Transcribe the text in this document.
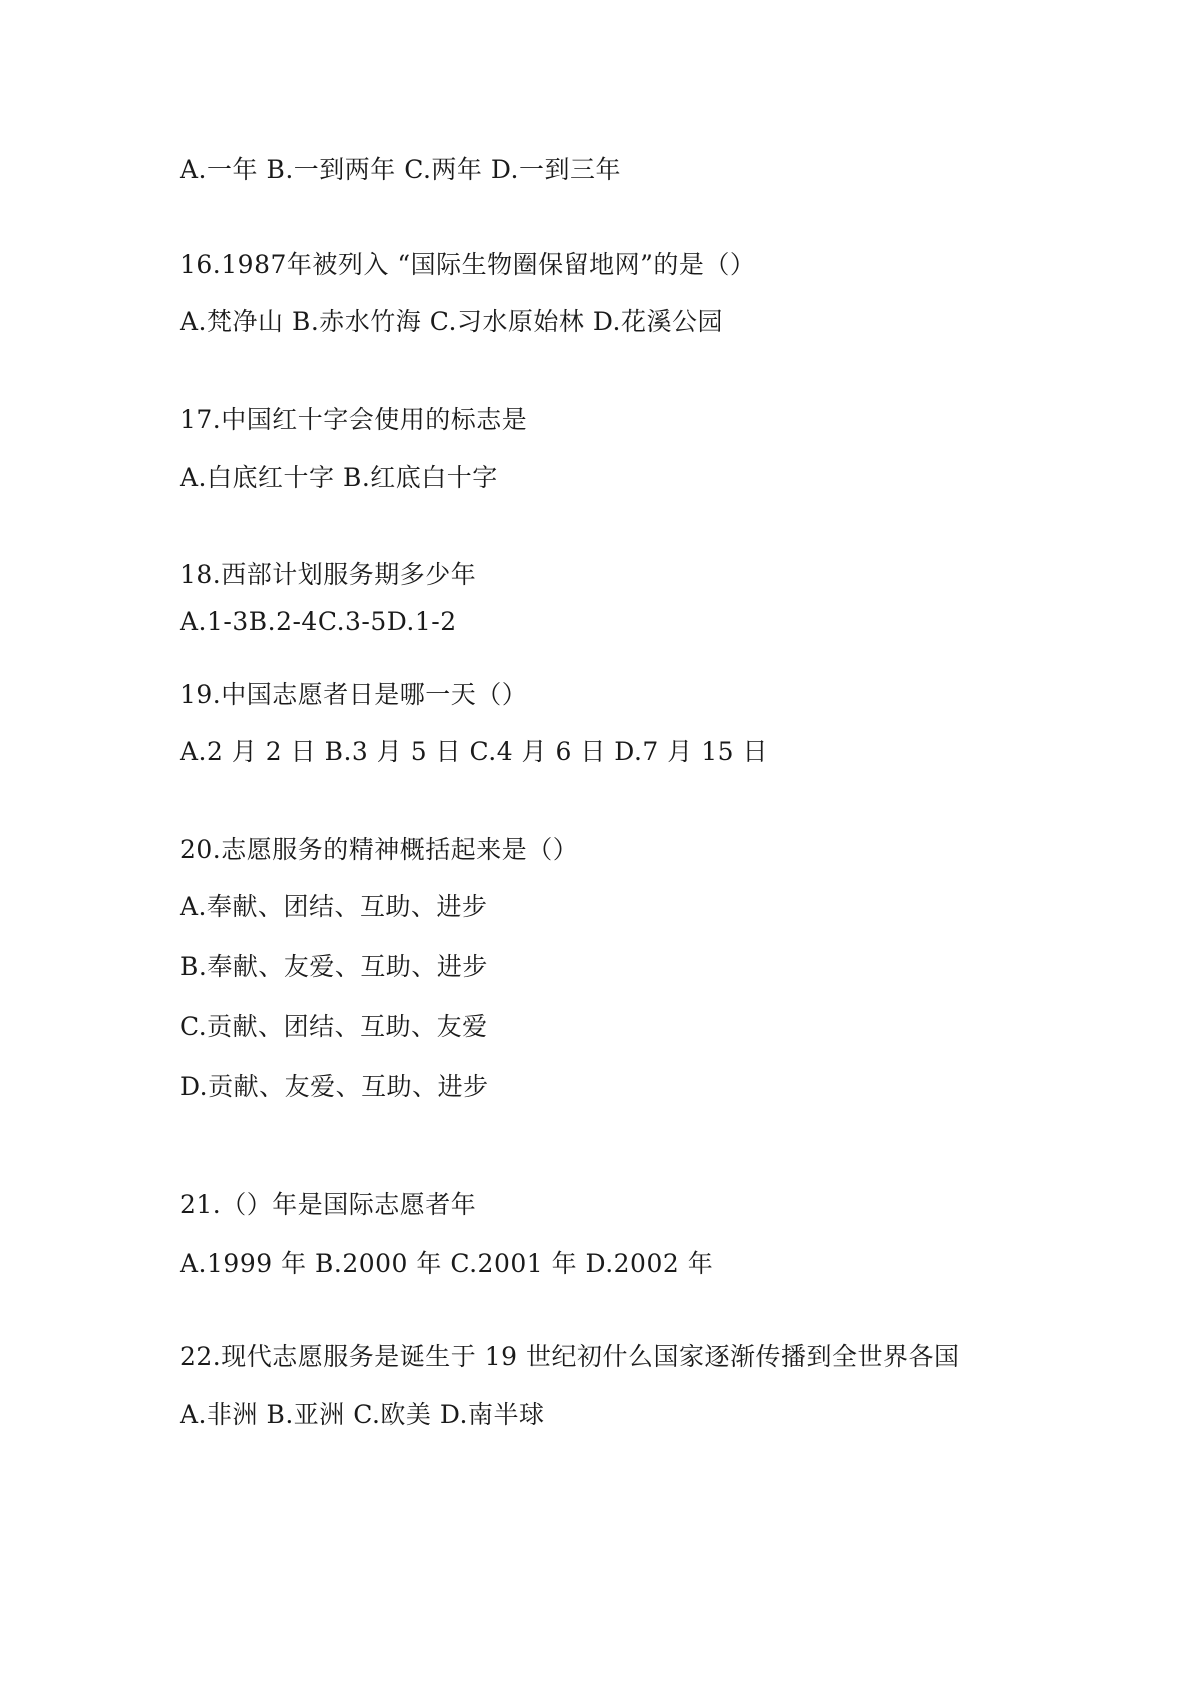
A.一年 B.一到两年 C.两年 D.一到三年

16.1987年被列入 “国际生物圈保留地网”的是（）

A.梵净山 B.赤水竹海 C.习水原始林 D.花溪公园

17.中国红十字会使用的标志是

A.白底红十字 B.红底白十字

18.西部计划服务期多少年

A.1-3B.2-4C.3-5D.1-2

19.中国志愿者日是哪一天（）

A.2 月 2 日 B.3 月 5 日 C.4 月 6 日 D.7 月 15 日

20.志愿服务的精神概括起来是（）

A.奉献、团结、互助、进步

B.奉献、友爱、互助、进步

C.贡献、团结、互助、友爱

D.贡献、友爱、互助、进步

21.（）年是国际志愿者年

A.1999 年 B.2000 年 C.2001 年 D.2002 年

22.现代志愿服务是诞生于 19 世纪初什么国家逐渐传播到全世界各国

A.非洲 B.亚洲 C.欧美 D.南半球
